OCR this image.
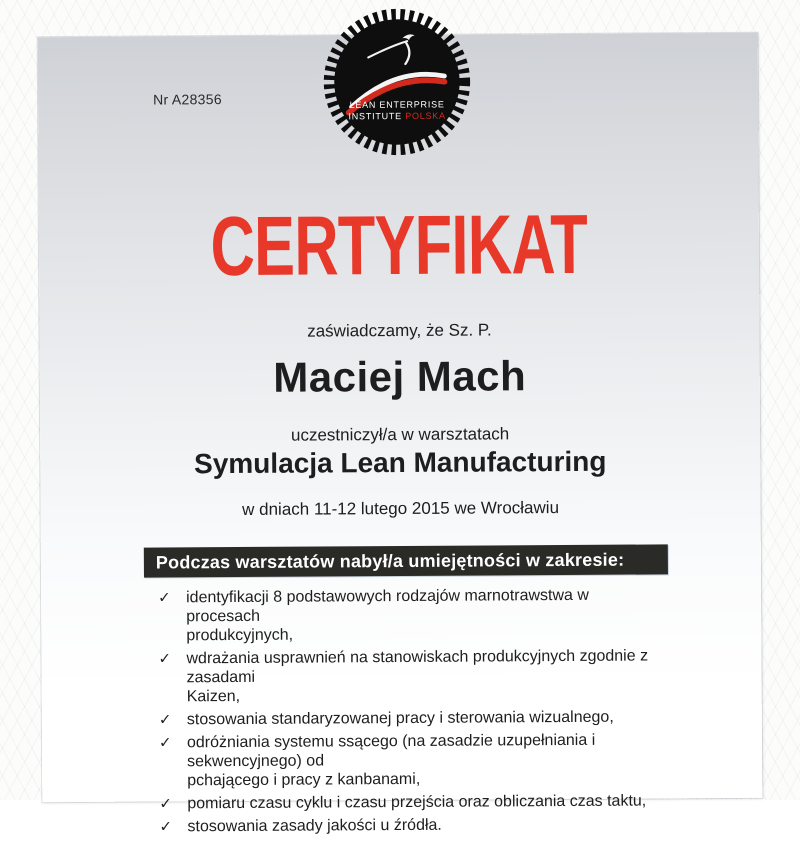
Nr A28356	LEAN ENTERPRISE
INSTITUTE POLSKA
CERTYFIKAT
zaświadczamy, że Sz. P.
Maciej Mach
uczestniczył/a w warsztatach
Symulacja Lean Manufacturing
w dniach 11-12 lutego 2015 we Wrocławiu
Podczas warsztatów nabył/a umiejętności w zakresie:
✓ identyfikacji 8 podstawowych rodzajów marnotrawstwa w procesach
produkcyjnych,
✓ wdrażania usprawnień na stanowiskach produkcyjnych zgodnie z zasadami
Kaizen,
✓ stosowania standaryzowanej pracy i sterowania wizualnego,
✓ odróżniania systemu ssącego (na zasadzie uzupełniania i sekwencyjnego) od
pchającego i pracy z kanbanami,
✓ pomiaru czasu cyklu i czasu przejścia oraz obliczania czas taktu,
✓ stosowania zasady jakości u źródła.
